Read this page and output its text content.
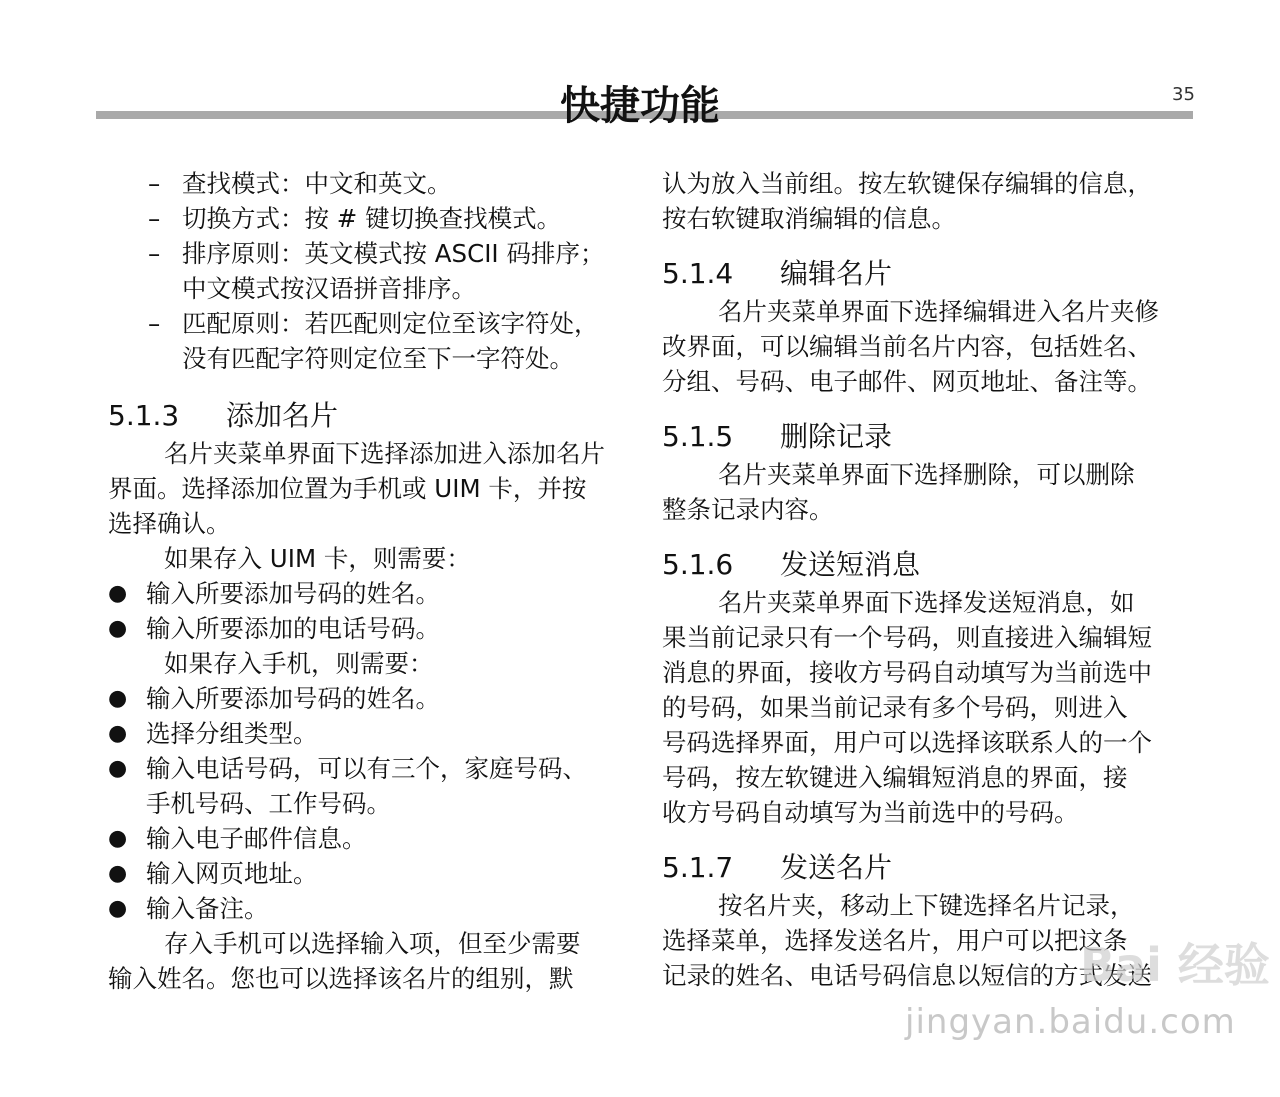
快捷功能	35
– 查找模式：中文和英文。
– 切换方式：按 # 键切换查找模式。
– 排序原则：英文模式按 ASCII 码排序；
中文模式按汉语拼音排序。
– 匹配原则：若匹配则定位至该字符处，
没有匹配字符则定位至下一字符处。
5.1.3 添加名片
名片夹菜单界面下选择添加进入添加名片
界面。选择添加位置为手机或 UIM 卡，并按
选择确认。
如果存入 UIM 卡，则需要：
● 输入所要添加号码的姓名。
● 输入所要添加的电话号码。
如果存入手机，则需要：
● 输入所要添加号码的姓名。
● 选择分组类型。
● 输入电话号码，可以有三个，家庭号码、
手机号码、工作号码。
● 输入电子邮件信息。
● 输入网页地址。
● 输入备注。
存入手机可以选择输入项，但至少需要
输入姓名。您也可以选择该名片的组别，默
认为放入当前组。按左软键保存编辑的信息，
按右软键取消编辑的信息。
5.1.4 编辑名片
名片夹菜单界面下选择编辑进入名片夹修
改界面，可以编辑当前名片内容，包括姓名、
分组、号码、电子邮件、网页地址、备注等。
5.1.5 删除记录
名片夹菜单界面下选择删除，可以删除
整条记录内容。
5.1.6 发送短消息
名片夹菜单界面下选择发送短消息，如
果当前记录只有一个号码，则直接进入编辑短
消息的界面，接收方号码自动填写为当前选中
的号码，如果当前记录有多个号码，则进入
号码选择界面，用户可以选择该联系人的一个
号码，按左软键进入编辑短消息的界面，接
收方号码自动填写为当前选中的号码。
5.1.7 发送名片
按名片夹，移动上下键选择名片记录，
选择菜单，选择发送名片，用户可以把这条
记录的姓名、电话号码信息以短信的方式发送
Bai 经验
jingyan.baidu.com
